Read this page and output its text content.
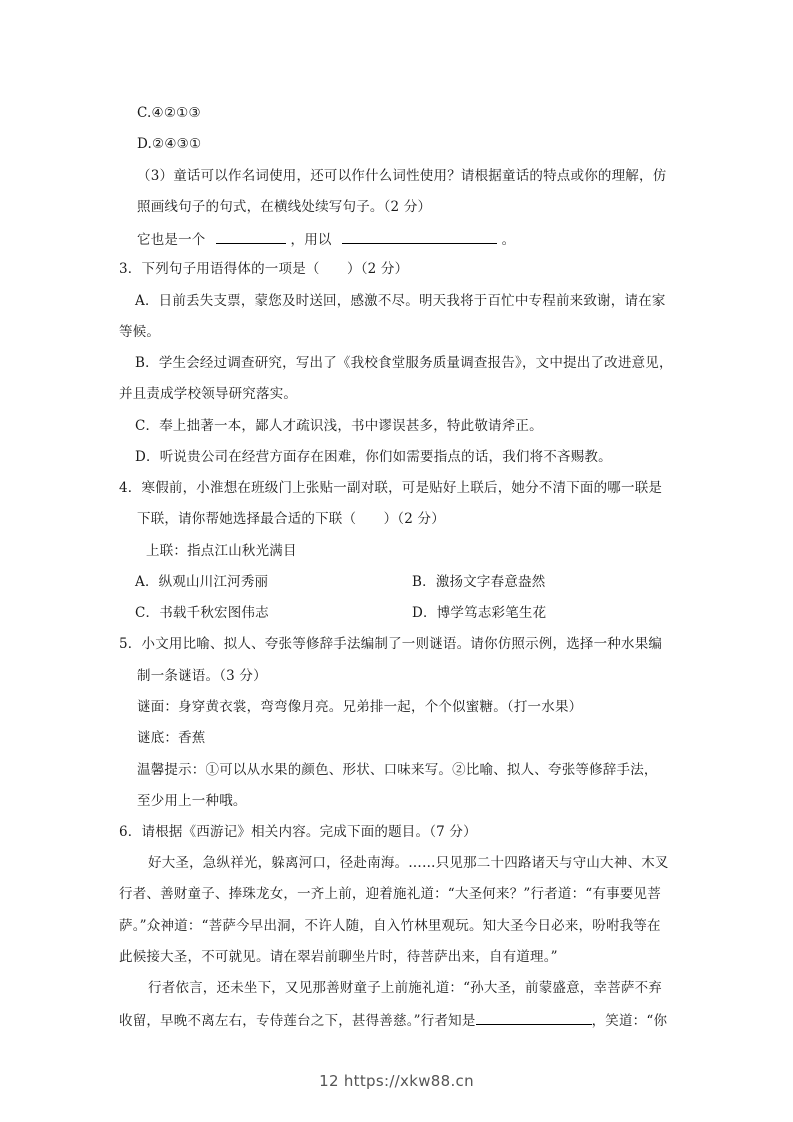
C.④②①③
D.②④③①
（3）童话可以作名词使用，还可以作什么词性使用？请根据童话的特点或你的理解，仿
照画线句子的句式，在横线处续写句子。（2 分）
它也是一个	，用以	。
3．下列句子用语得体的一项是（　　）（2 分）
A．日前丢失支票，蒙您及时送回，感激不尽。明天我将于百忙中专程前来致谢，请在家
等候。
B．学生会经过调查研究，写出了《我校食堂服务质量调查报告》，文中提出了改进意见，
并且责成学校领导研究落实。
C．奉上拙著一本，鄙人才疏识浅，书中谬误甚多，特此敬请斧正。
D．听说贵公司在经营方面存在困难，你们如需要指点的话，我们将不吝赐教。
4．寒假前，小淮想在班级门上张贴一副对联，可是贴好上联后，她分不清下面的哪一联是
下联，请你帮她选择最合适的下联（　　）（2 分）
上联：指点江山秋光满目
A．纵观山川江河秀丽	B．激扬文字春意盎然
C．书载千秋宏图伟志	D．博学笃志彩笔生花
5．小文用比喻、拟人、夸张等修辞手法编制了一则谜语。请你仿照示例，选择一种水果编
制一条谜语。（3 分）
谜面：身穿黄衣裳，弯弯像月亮。兄弟排一起，个个似蜜糖。（打一水果）
谜底：香蕉
温馨提示：①可以从水果的颜色、形状、口味来写。②比喻、拟人、夸张等修辞手法，
至少用上一种哦。
6．请根据《西游记》相关内容。完成下面的题目。（7 分）
好大圣，急纵祥光，躲离河口，径赴南海。……只见那二十四路诸天与守山大神、木叉
行者、善财童子、捧珠龙女，一齐上前，迎着施礼道：“大圣何来？”行者道：“有事要见菩
萨。”众神道：“菩萨今早出洞，不许人随，自入竹林里观玩。知大圣今日必来，吩咐我等在
此候接大圣，不可就见。请在翠岩前聊坐片时，待菩萨出来，自有道理。”
行者依言，还未坐下，又见那善财童子上前施礼道：“孙大圣，前蒙盛意，幸菩萨不弃
收留，早晚不离左右，专侍莲台之下，甚得善慈。”行者知是	，笑道：“你
12 https://xkw88.cn
